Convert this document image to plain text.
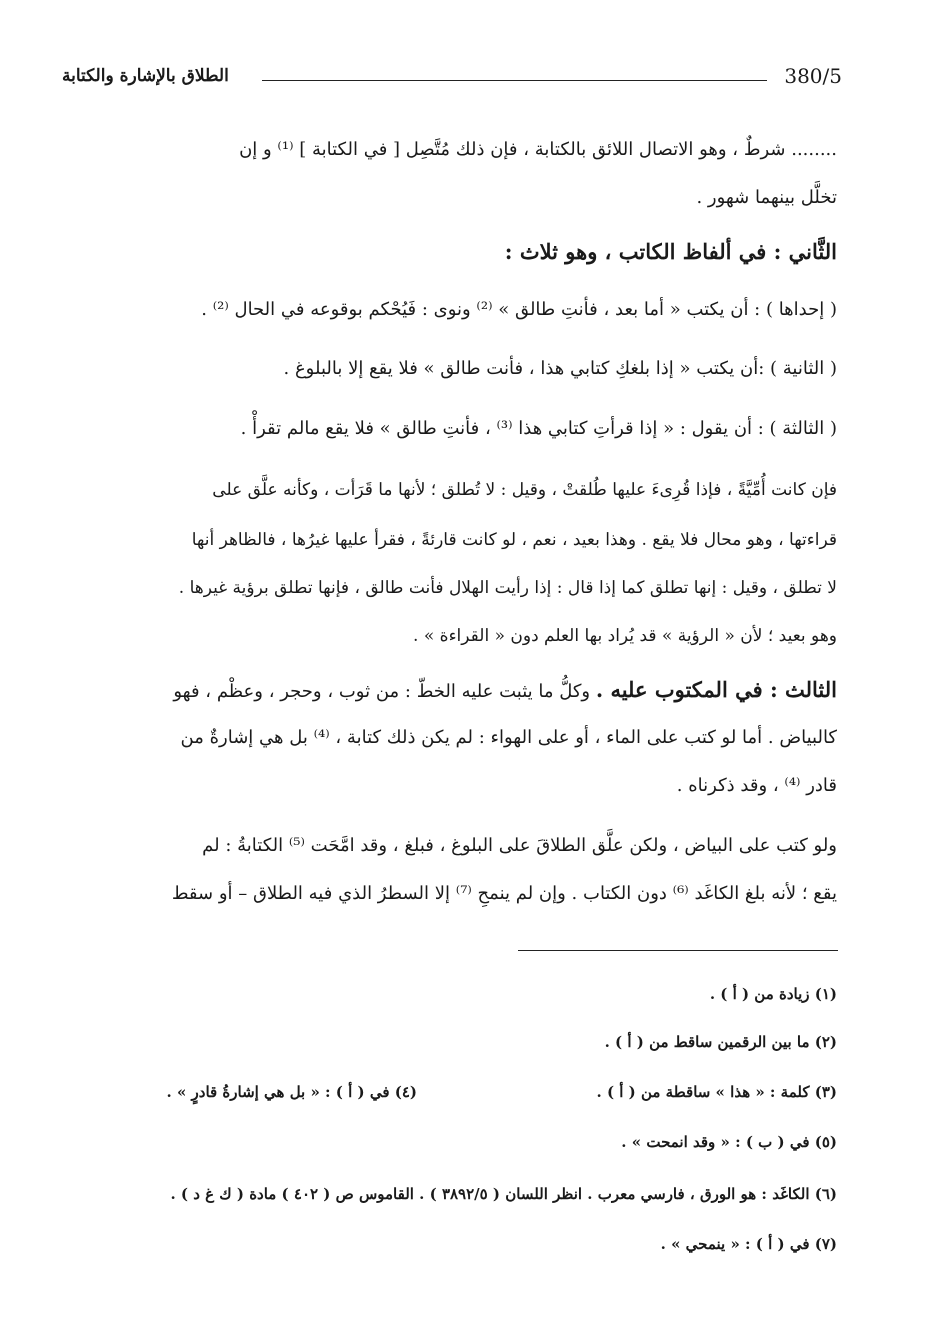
الطلاق بالإشارة والكتابة	380/5
........ شرطٌ ، وهو الاتصال اللائق بالكتابة ، فإن ذلك مُتَّصِل [ في الكتابة ] ⁽¹⁾ و إن
تخلَّل بينهما شهور .
الثَّاني : في ألفاظ الكاتب ، وهو ثلاث :
( إحداها ) : أن يكتب « أما بعد ، فأنتِ طالق » ⁽²⁾ ونوى : فَيُحْكم بوقوعه في الحال ⁽²⁾ .
( الثانية ) :أن يكتب « إذا بلغكِ كتابي هذا ، فأنت طالق » فلا يقع إلا بالبلوغ .
( الثالثة ) : أن يقول : « إذا قرأتِ كتابي هذا ⁽³⁾ ، فأنتِ طالق » فلا يقع مالم تقرأْ .
فإن كانت أُمِّيَّةً ، فإذا قُرِىءَ عليها طُلقتْ ، وقيل : لا تُطلق ؛ لأنها ما قَرَأت ، وكأنه علَّق على
قراءتها ، وهو محال فلا يقع . وهذا بعيد ، نعم ، لو كانت قارئةً ، فقرأ عليها غيرُها ، فالظاهر أنها
لا تطلق ، وقيل : إنها تطلق كما إذا قال : إذا رأيت الهلال فأنت طالق ، فإنها تطلق برؤية غيرها .
وهو بعيد ؛ لأن « الرؤية » قد يُراد بها العلم دون « القراءة » .
الثالث : في المكتوب عليه . وكلُّ ما يثبت عليه الخطّ : من ثوب ، وحجر ، وعظْم ، فهو
كالبياض . أما لو كتب على الماء ، أو على الهواء : لم يكن ذلك كتابة ، ⁽⁴⁾ بل هي إشارةٌ من
قادر ⁽⁴⁾ ، وقد ذكرناه .
ولو كتب على البياض ، ولكن علَّق الطلاقَ على البلوغ ، فبلغ ، وقد امَّحَت ⁽⁵⁾ الكتابةُ : لم
يقع ؛ لأنه بلغ الكاغَد ⁽⁶⁾ دون الكتاب . وإن لم ينمحِ ⁽⁷⁾ إلا السطرُ الذي فيه الطلاق – أو سقط
(١) زيادة من ( أ ) .
(٢) ما بين الرقمين ساقط من ( أ ) .
(٣) كلمة : « هذا » ساقطة من ( أ ) .
(٤) في ( أ ) : « بل هي إشارةُ قادرٍ » .
(٥) في ( ب ) : « وقد انمحت » .
(٦) الكاغَد : هو الورق ، فارسي معرب . انظر اللسان ( ٣٨٩٢/٥ ) . القاموس ص ( ٤٠٢ ) مادة ( ك غ د ) .
(٧) في ( أ ) : « ينمحي » .
